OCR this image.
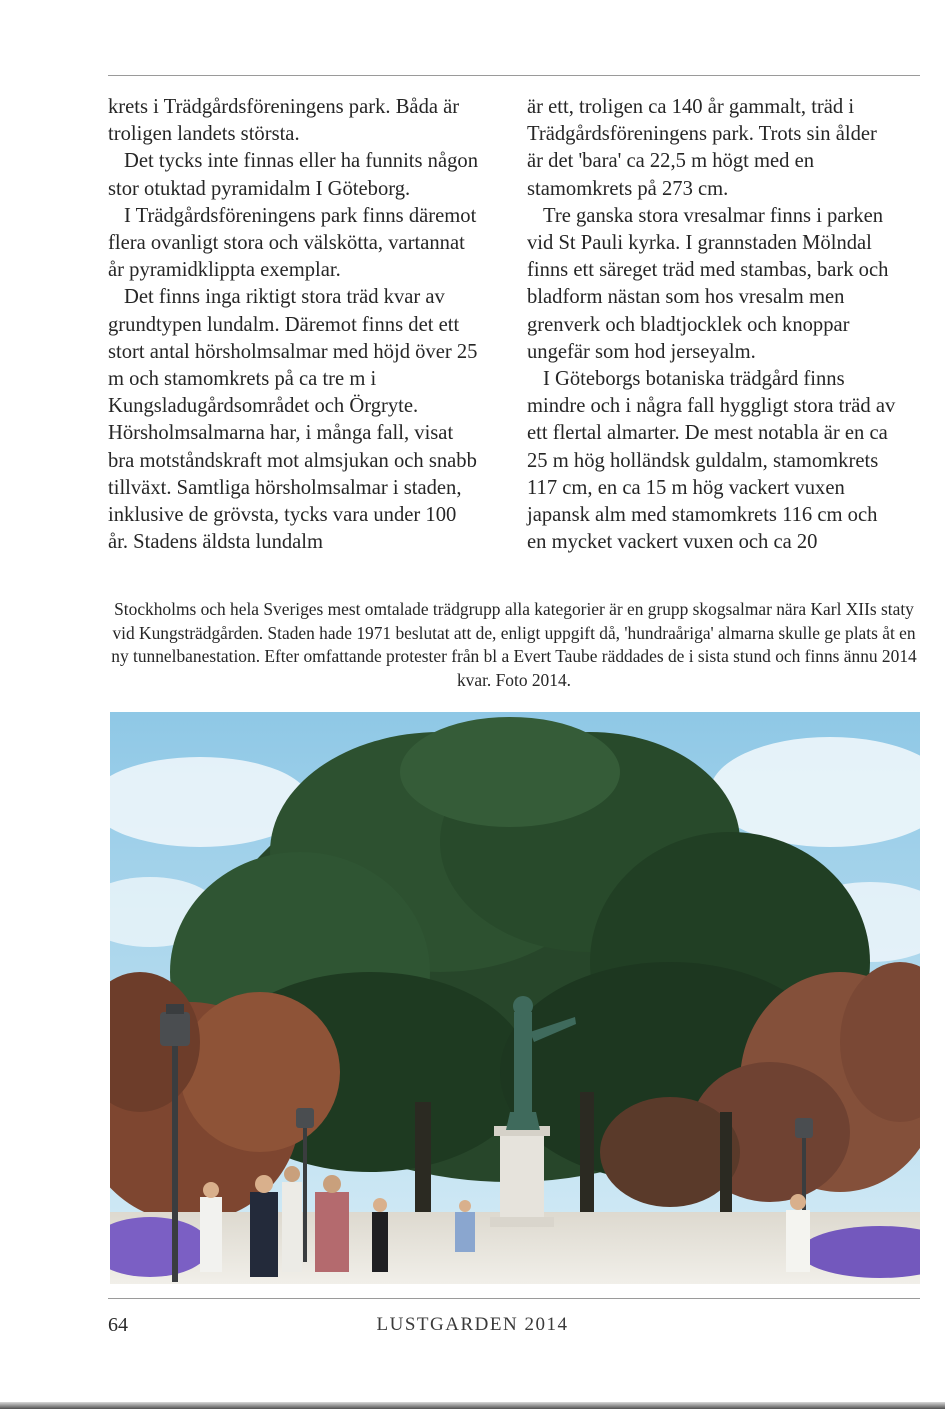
krets i Trädgårdsföreningens park. Båda är troligen landets största.

Det tycks inte finnas eller ha funnits någon stor otuktad pyramidalm I Göteborg.

I Trädgårdsföreningens park finns däremot flera ovanligt stora och välskötta, vartannat år pyramidklippta exemplar.

Det finns inga riktigt stora träd kvar av grundtypen lundalm. Däremot finns det ett stort antal hörsholmsalmar med höjd över 25 m och stamomkrets på ca tre m i Kungsladugårdsområdet och Örgryte. Hörsholmsalmarna har, i många fall, visat bra motståndskraft mot almsjukan och snabb tillväxt. Samtliga hörsholmsalmar i staden, inklusive de grövsta, tycks vara under 100 år. Stadens äldsta lundalm

är ett, troligen ca 140 år gammalt, träd i Trädgårdsföreningens park. Trots sin ålder är det 'bara' ca 22,5 m högt med en stamomkrets på 273 cm.

Tre ganska stora vresalmar finns i parken vid St Pauli kyrka. I grannstaden Mölndal finns ett säreget träd med stambas, bark och bladform nästan som hos vresalm men grenverk och bladtjocklek och knoppar ungefär som hod jerseyalm.

I Göteborgs botaniska trädgård finns mindre och i några fall hyggligt stora träd av ett flertal almarter. De mest notabla är en ca 25 m hög holländsk guldalm, stamomkrets 117 cm, en ca 15 m hög vackert vuxen japansk alm med stamomkrets 116 cm och en mycket vackert vuxen och ca 20

Stockholms och hela Sveriges mest omtalade trädgrupp alla kategorier är en grupp skogsalmar nära Karl XIIs staty vid Kungsträdgården. Staden hade 1971 beslutat att de, enligt uppgift då, 'hundraåriga' almarna skulle ge plats åt en ny tunnelbanestation. Efter omfattande protester från bl a Evert Taube räddades de i sista stund och finns ännu 2014 kvar. Foto 2014.
64	LUSTGARDEN 2014
